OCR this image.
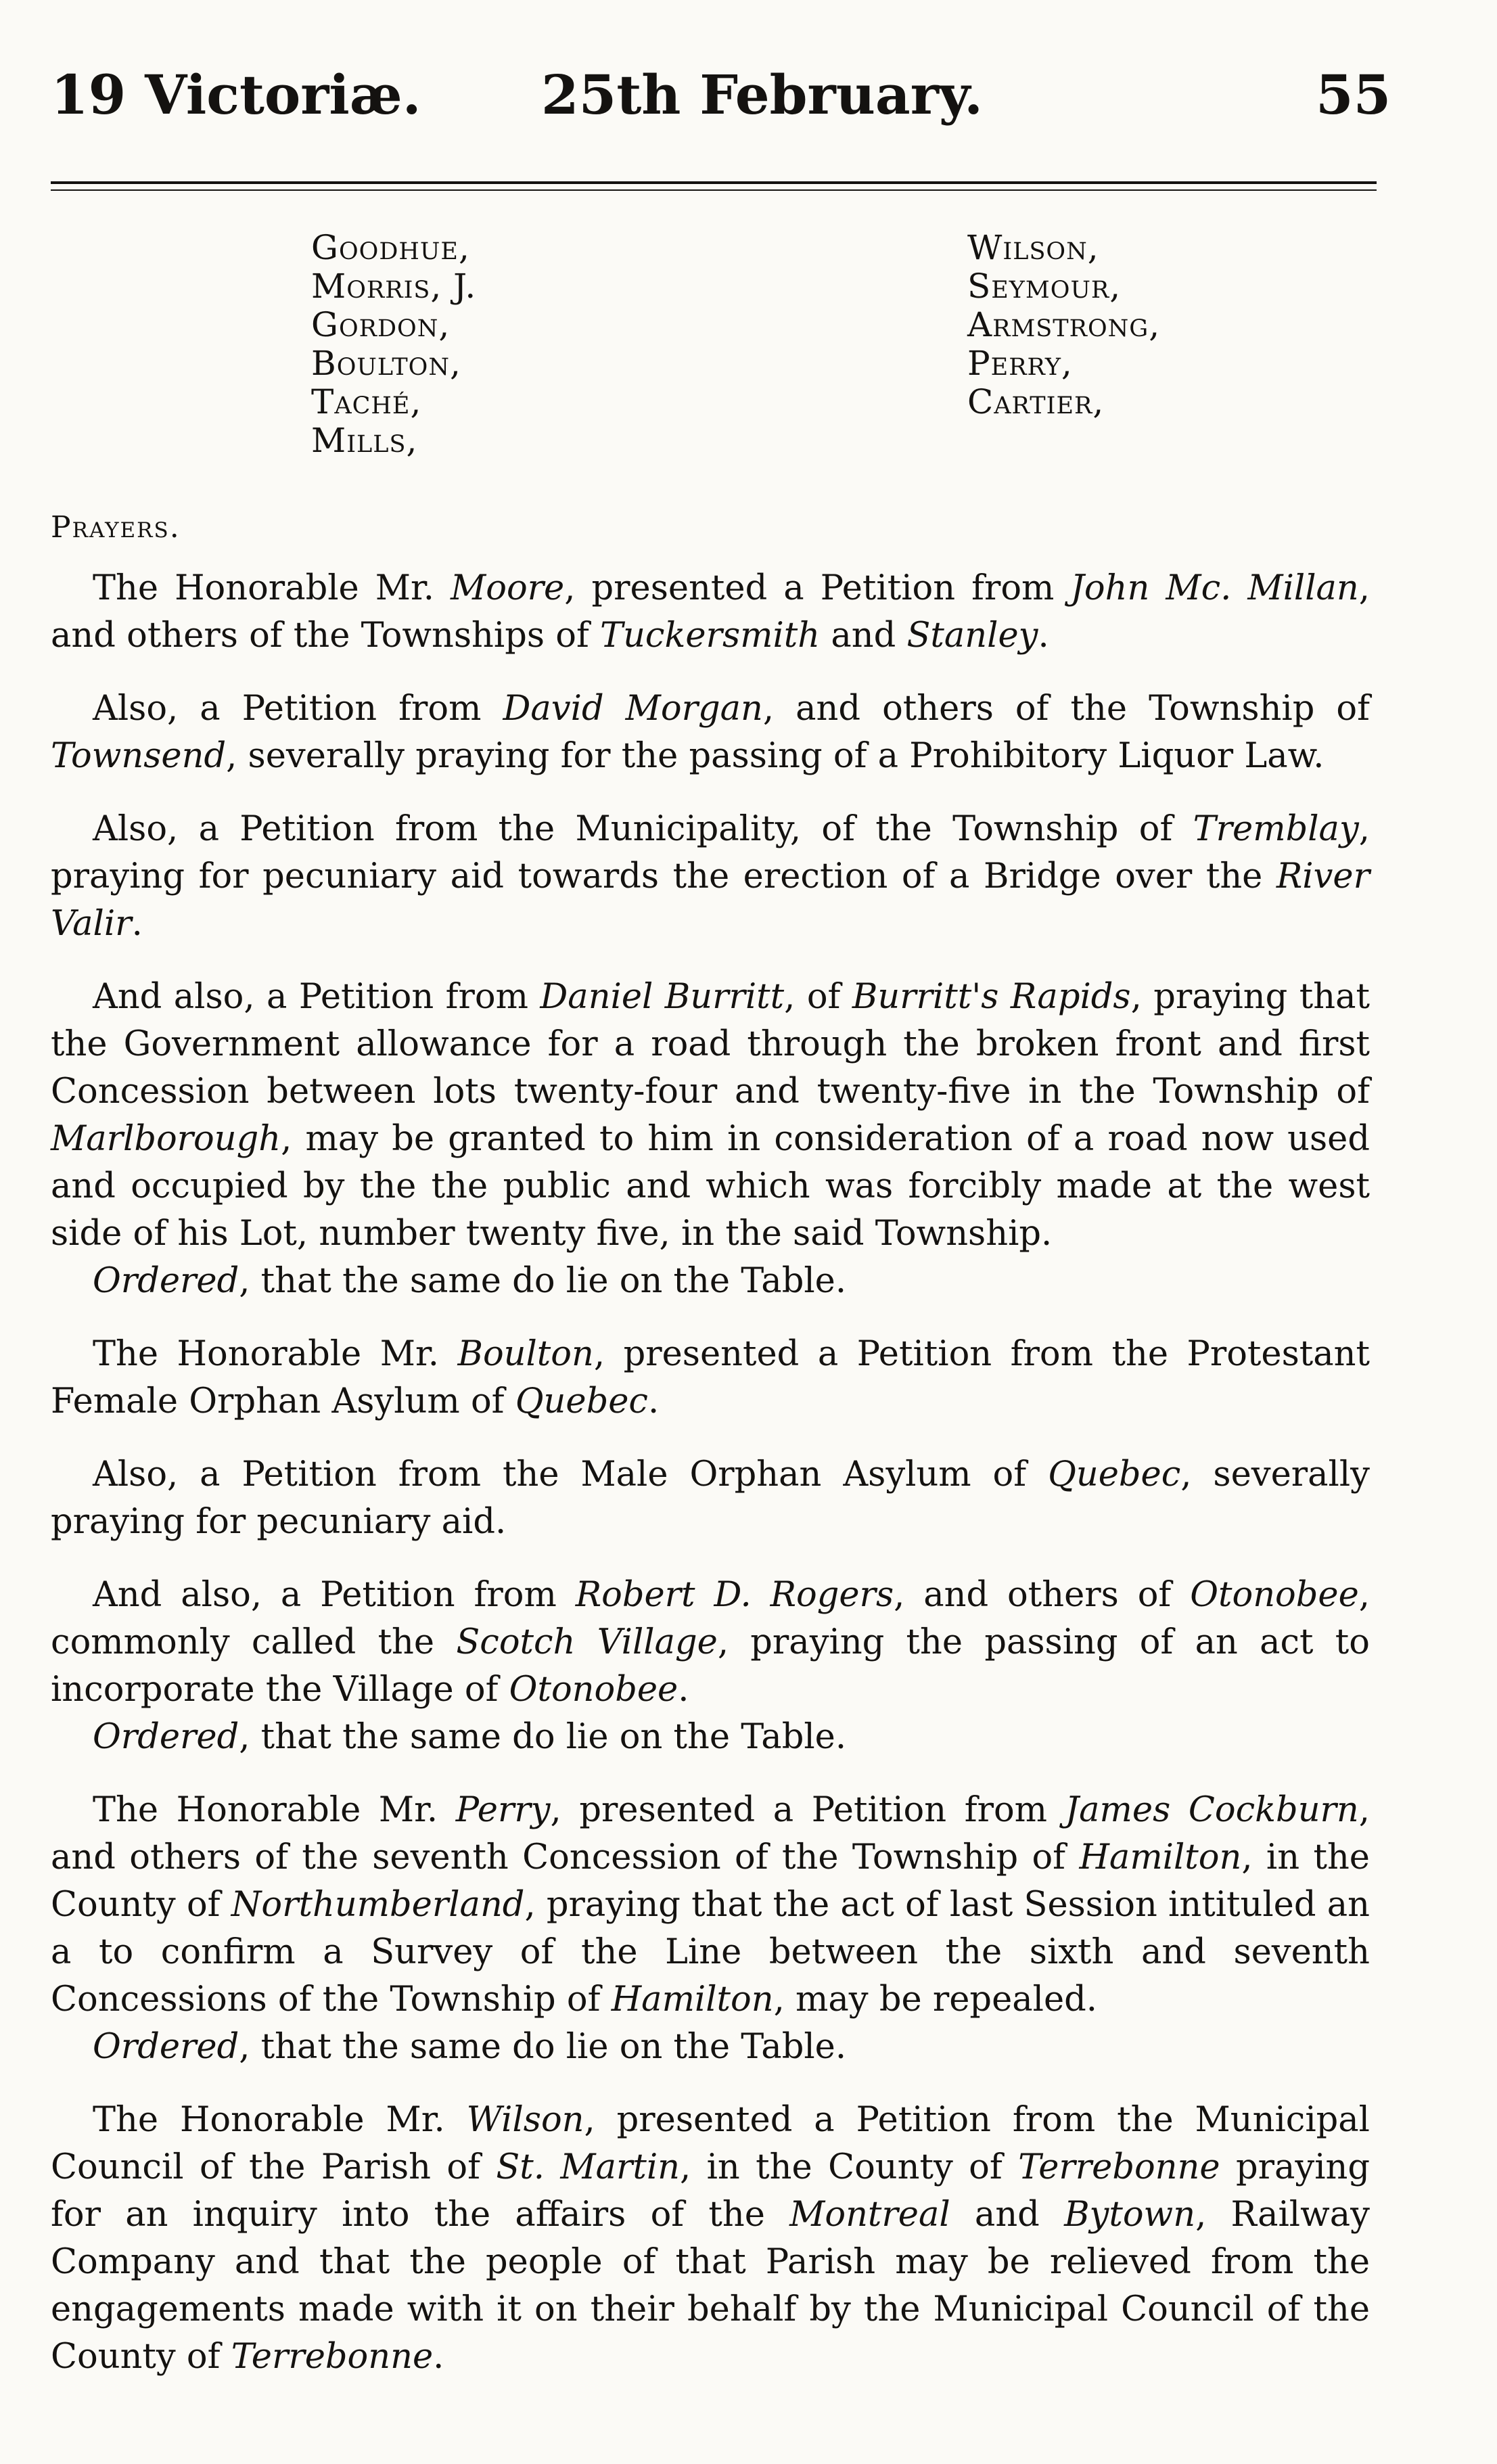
19 Victoriæ. 25th February.	55
Goodhue,
Morris, J.
Gordon,
Boulton,
Taché,
Mills,
Wilson,
Seymour,
Armstrong,
Perry,
Cartier,
Prayers.

The Honorable Mr. Moore, presented a Petition from John Mc. Millan, and others of the Townships of Tuckersmith and Stanley.

Also, a Petition from David Morgan, and others of the Township of Townsend, severally praying for the passing of a Prohibitory Liquor Law.

Also, a Petition from the Municipality, of the Township of Tremblay, praying for pecuniary aid towards the erection of a Bridge over the River Valir.

And also, a Petition from Daniel Burritt, of Burritt's Rapids, praying that the Government allowance for a road through the broken front and first Concession between lots twenty-four and twenty-five in the Township of Marlborough, may be granted to him in consideration of a road now used and occupied by the the public and which was forcibly made at the west side of his Lot, number twenty five, in the said Township.

Ordered, that the same do lie on the Table.

The Honorable Mr. Boulton, presented a Petition from the Protestant Female Orphan Asylum of Quebec.

Also, a Petition from the Male Orphan Asylum of Quebec, severally praying for pecuniary aid.

And also, a Petition from Robert D. Rogers, and others of Otonobee, commonly called the Scotch Village, praying the passing of an act to incorporate the Village of Otonobee.

Ordered, that the same do lie on the Table.

The Honorable Mr. Perry, presented a Petition from James Cockburn, and others of the seventh Concession of the Township of Hamilton, in the County of Northumberland, praying that the act of last Session intituled an a to confirm a Survey of the Line between the sixth and seventh Concessions of the Township of Hamilton, may be repealed.

Ordered, that the same do lie on the Table.

The Honorable Mr. Wilson, presented a Petition from the Municipal Council of the Parish of St. Martin, in the County of Terrebonne praying for an inquiry into the affairs of the Montreal and Bytown, Railway Company and that the people of that Parish may be relieved from the engagements made with it on their behalf by the Municipal Council of the County of Terrebonne.
